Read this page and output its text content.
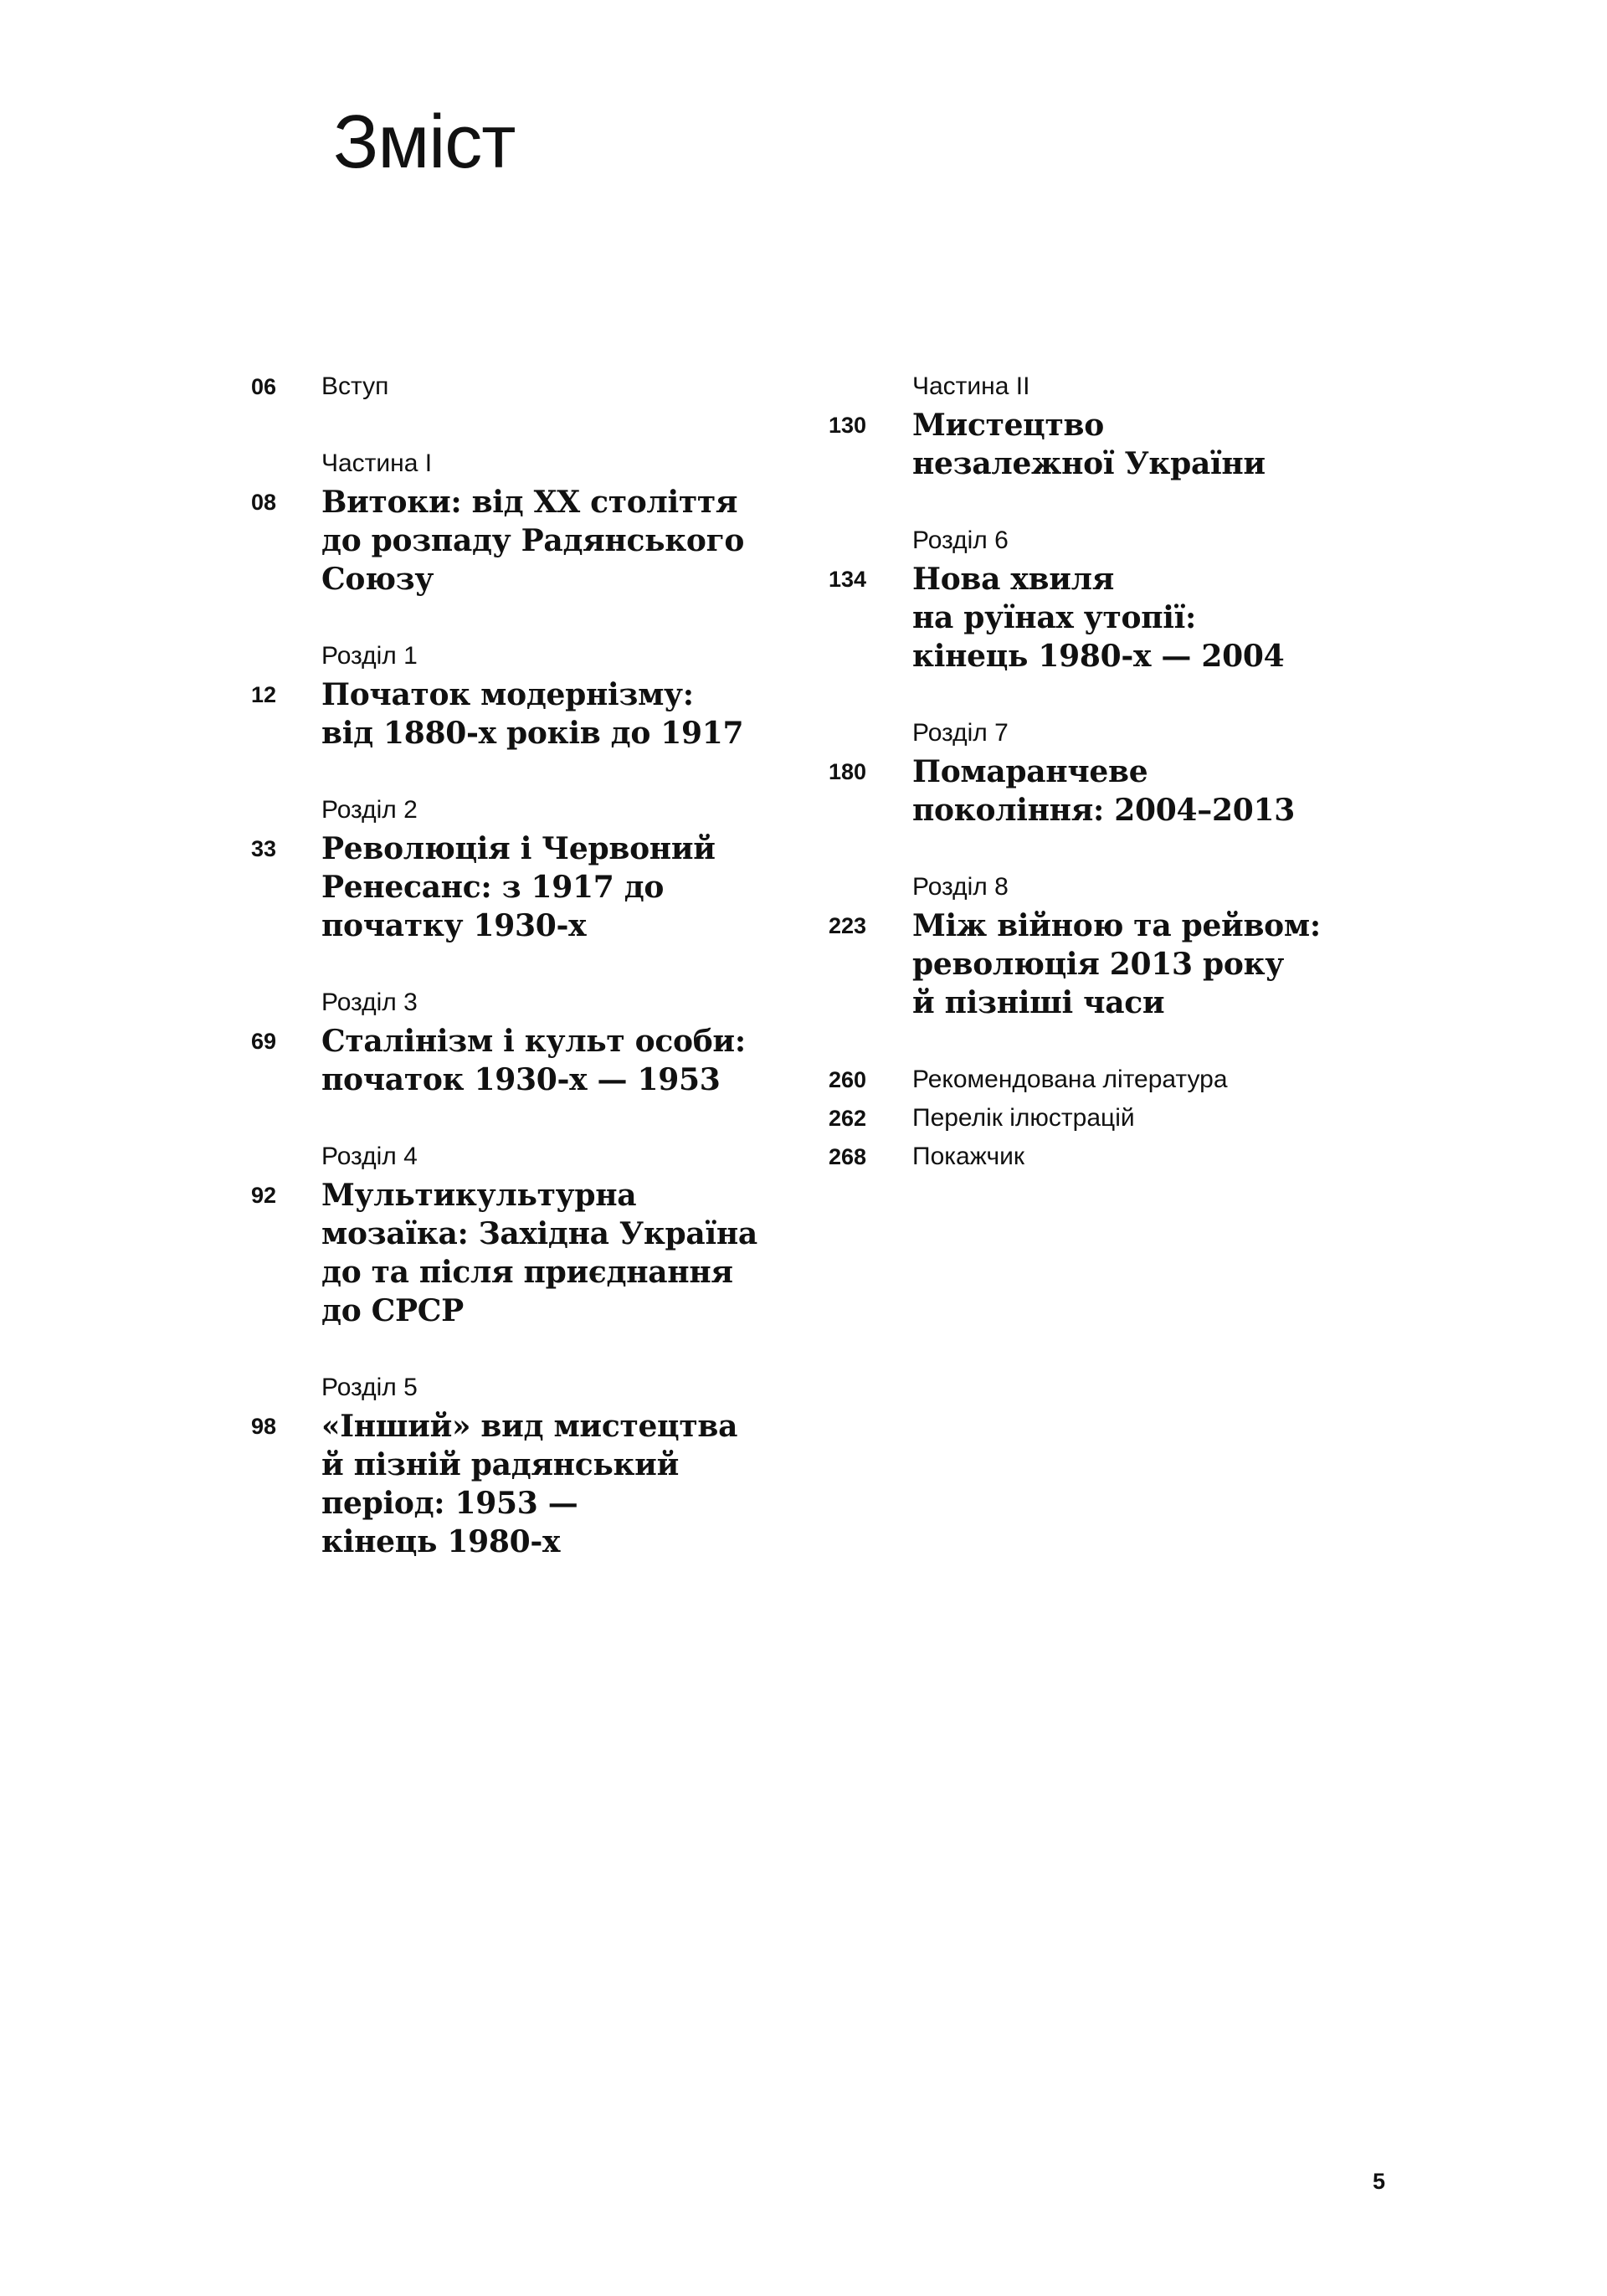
Зміст
06 Вступ
08
Частина I
Витоки: від XX століття
до розпаду Радянського
Союзу
12
Розділ 1
Початок модернізму:
від 1880-х років до 1917
33
Розділ 2
Революція і Червоний
Ренесанс: з 1917 до
початку 1930-х
69
Розділ 3
Сталінізм і культ особи:
початок 1930-х — 1953
92
Розділ 4
Мультикультурна
мозаїка: Західна Україна
до та після приєднання
до СРСР
98
Розділ 5
«Інший» вид мистецтва
й пізній радянський
період: 1953 —
кінець 1980-х
130
Частина II
Мистецтво
незалежної України
134
Розділ 6
Нова хвиля
на руїнах утопії:
кінець 1980-х — 2004
180
Розділ 7
Помаранчеве
покоління: 2004–2013
223
Розділ 8
Між війною та рейвом:
революція 2013 року
й пізніші часи
260 Рекомендована література
262 Перелік ілюстрацій
268 Покажчик
5
